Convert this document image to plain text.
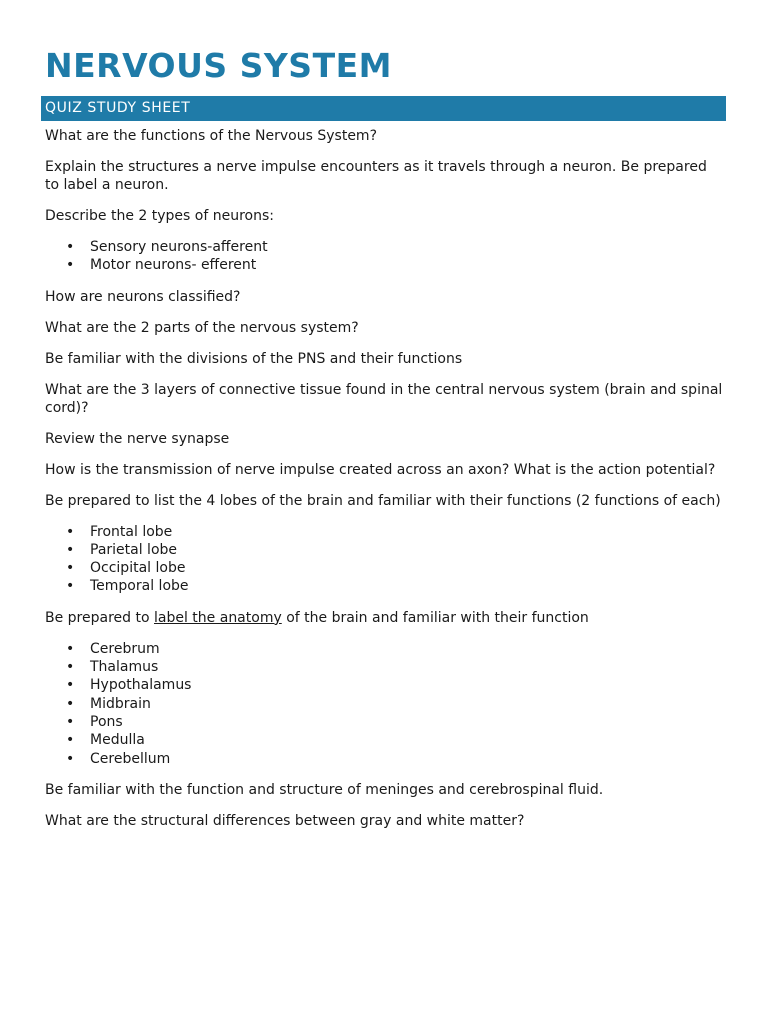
NERVOUS SYSTEM
QUIZ STUDY SHEET

What are the functions of the Nervous System?

Explain the structures a nerve impulse encounters as it travels through a neuron. Be prepared to label a neuron.

Describe the 2 types of neurons:

• Sensory neurons-afferent
• Motor neurons- efferent

How are neurons classified?

What are the 2 parts of the nervous system?

Be familiar with the divisions of the PNS and their functions

What are the 3 layers of connective tissue found in the central nervous system (brain and spinal cord)?

Review the nerve synapse

How is the transmission of nerve impulse created across an axon? What is the action potential?

Be prepared to list the 4 lobes of the brain and familiar with their functions (2 functions of each)

• Frontal lobe
• Parietal lobe
• Occipital lobe
• Temporal lobe

Be prepared to label the anatomy of the brain and familiar with their function

• Cerebrum
• Thalamus
• Hypothalamus
• Midbrain
• Pons
• Medulla
• Cerebellum

Be familiar with the function and structure of meninges and cerebrospinal fluid.

What are the structural differences between gray and white matter?
